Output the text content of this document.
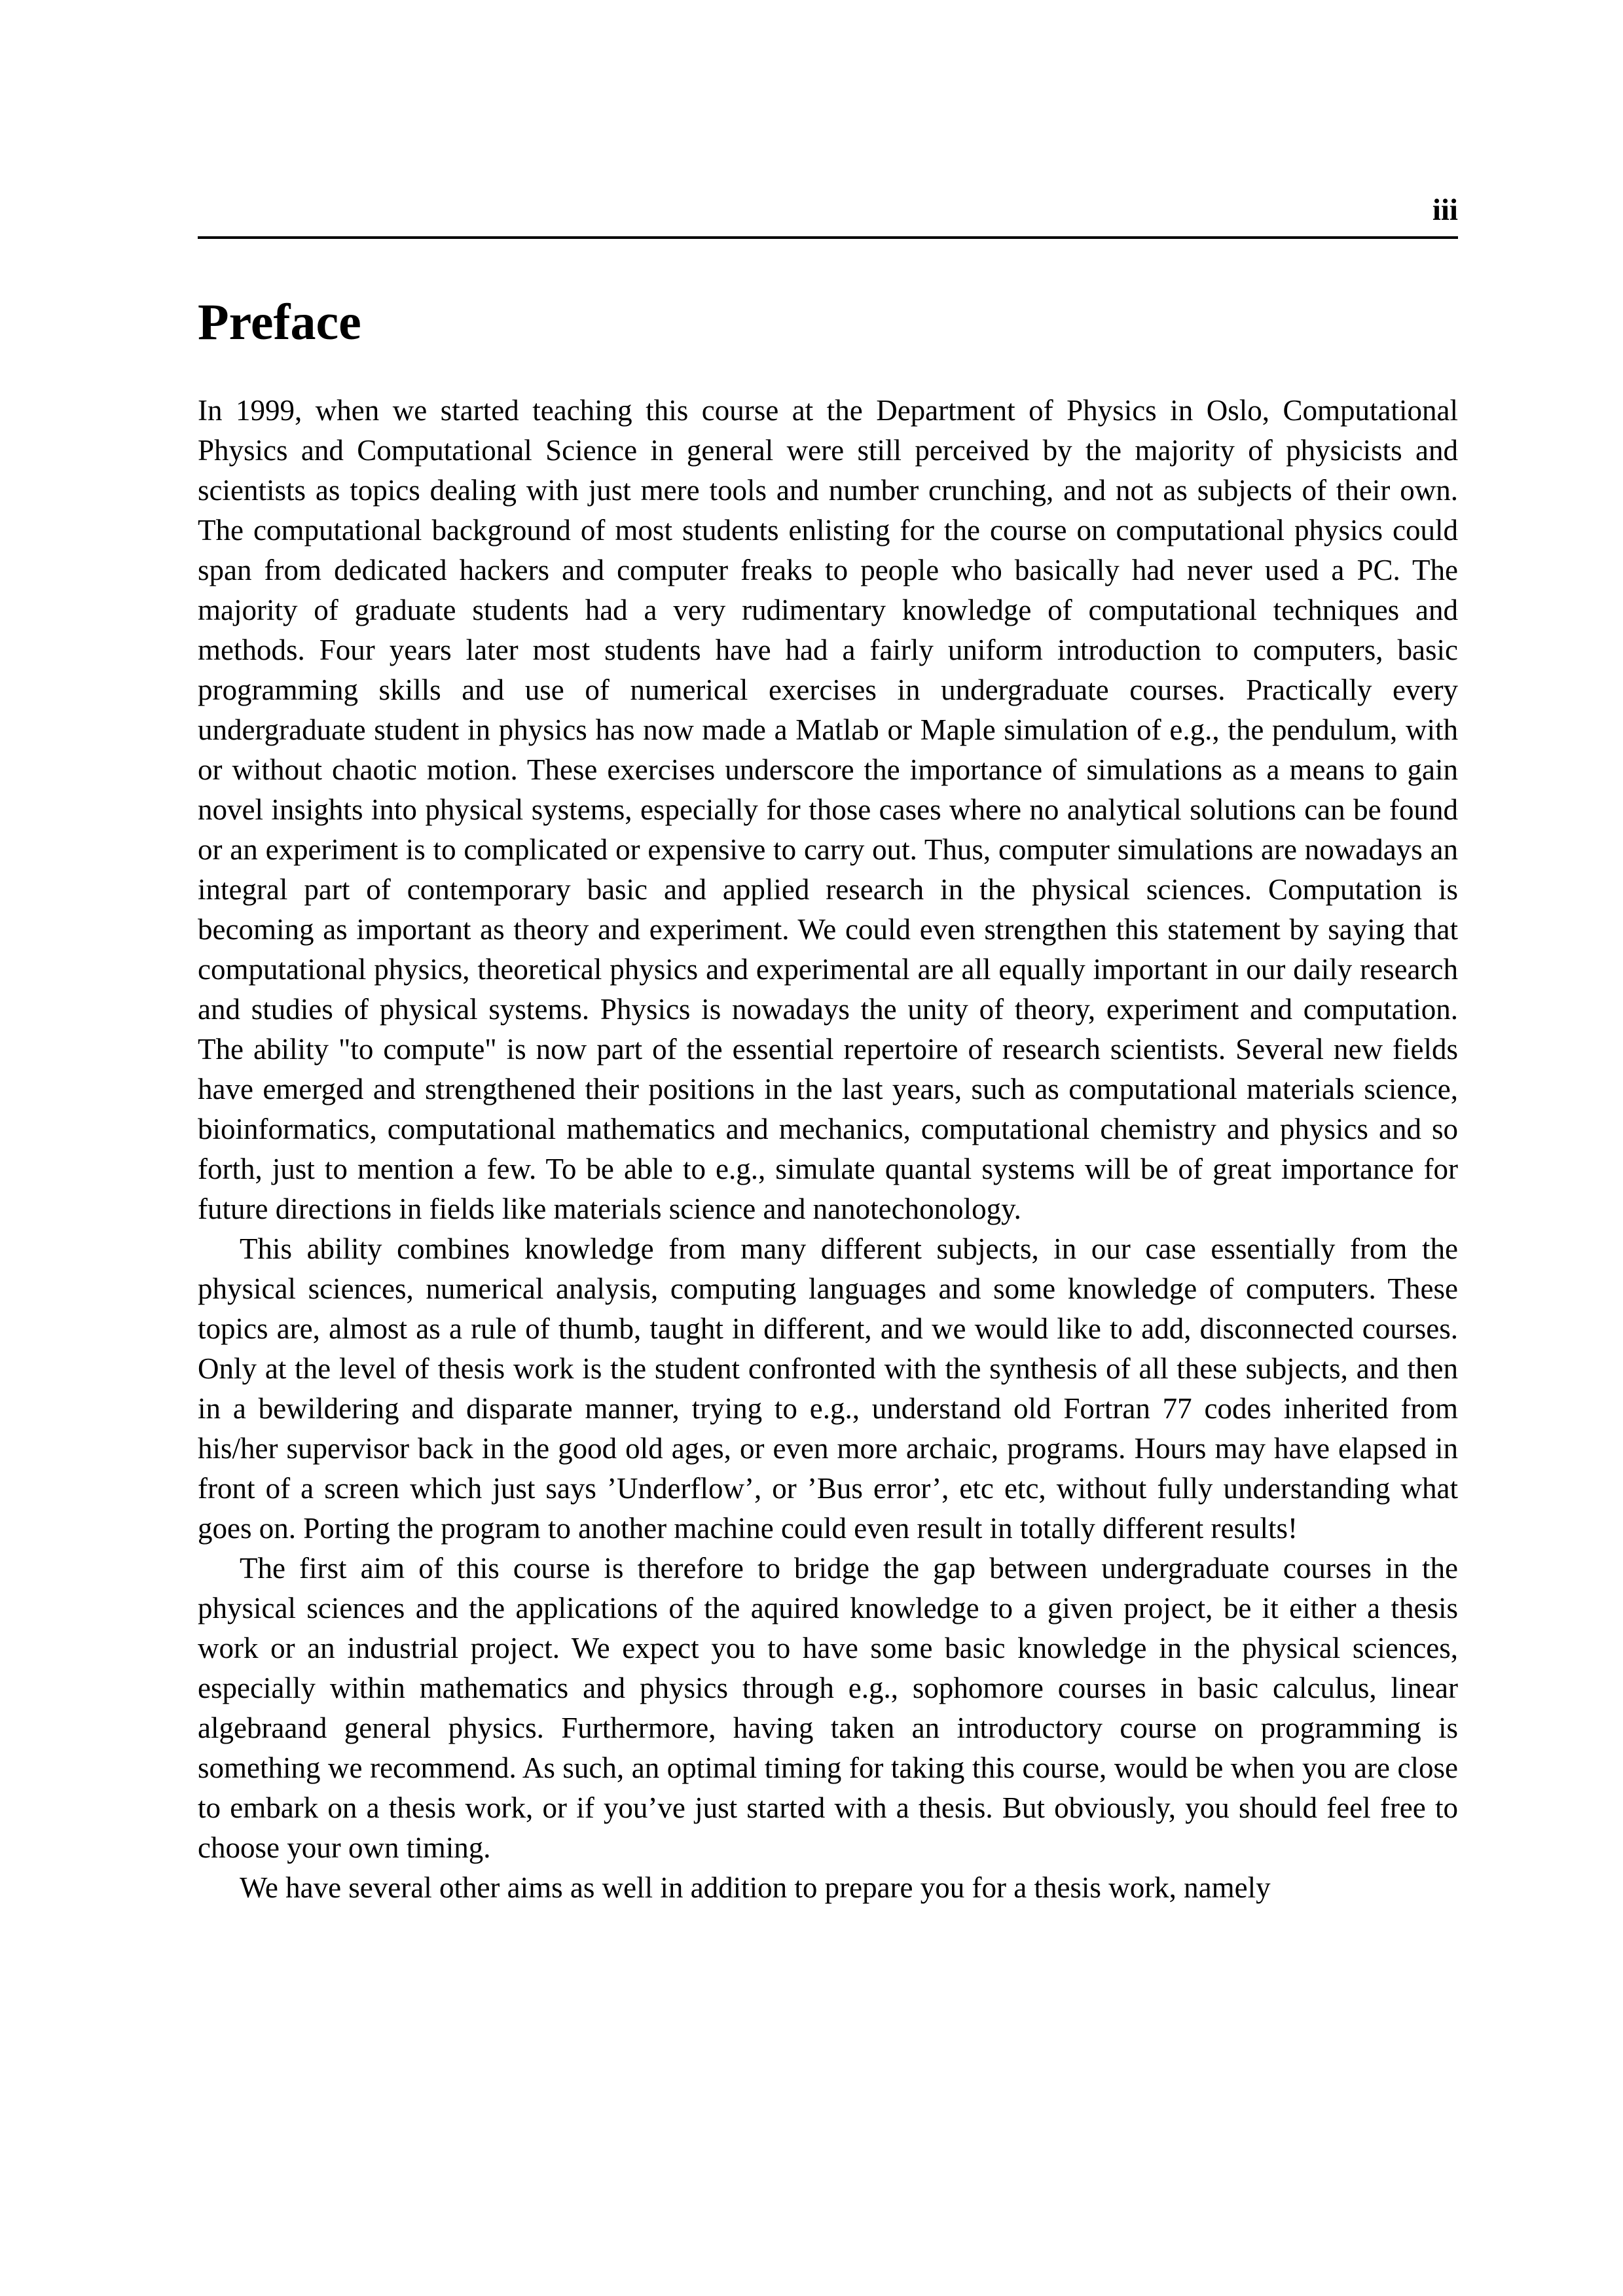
iii
Preface

In 1999, when we started teaching this course at the Department of Physics in Oslo, Computational Physics and Computational Science in general were still perceived by the majority of physicists and scientists as topics dealing with just mere tools and number crunching, and not as subjects of their own. The computational background of most students enlisting for the course on computational physics could span from dedicated hackers and computer freaks to people who basically had never used a PC. The majority of graduate students had a very rudimentary knowledge of computational techniques and methods. Four years later most students have had a fairly uniform introduction to computers, basic programming skills and use of numerical exercises in undergraduate courses. Practically every undergraduate student in physics has now made a Matlab or Maple simulation of e.g., the pendulum, with or without chaotic motion. These exercises underscore the importance of simulations as a means to gain novel insights into physical systems, especially for those cases where no analytical solutions can be found or an experiment is to complicated or expensive to carry out. Thus, computer simulations are nowadays an integral part of contemporary basic and applied research in the physical sciences. Computation is becoming as important as theory and experiment. We could even strengthen this statement by saying that computational physics, theoretical physics and experimental are all equally important in our daily research and studies of physical systems. Physics is nowadays the unity of theory, experiment and computation. The ability "to compute" is now part of the essential repertoire of research scientists. Several new fields have emerged and strengthened their positions in the last years, such as computational materials science, bioinformatics, computational mathematics and mechanics, computational chemistry and physics and so forth, just to mention a few. To be able to e.g., simulate quantal systems will be of great importance for future directions in fields like materials science and nanotechonology.

This ability combines knowledge from many different subjects, in our case essentially from the physical sciences, numerical analysis, computing languages and some knowledge of computers. These topics are, almost as a rule of thumb, taught in different, and we would like to add, disconnected courses. Only at the level of thesis work is the student confronted with the synthesis of all these subjects, and then in a bewildering and disparate manner, trying to e.g., understand old Fortran 77 codes inherited from his/her supervisor back in the good old ages, or even more archaic, programs. Hours may have elapsed in front of a screen which just says ’Underflow’, or ’Bus error’, etc etc, without fully understanding what goes on. Porting the program to another machine could even result in totally different results!

The first aim of this course is therefore to bridge the gap between undergraduate courses in the physical sciences and the applications of the aquired knowledge to a given project, be it either a thesis work or an industrial project. We expect you to have some basic knowledge in the physical sciences, especially within mathematics and physics through e.g., sophomore courses in basic calculus, linear algebraand general physics. Furthermore, having taken an introductory course on programming is something we recommend. As such, an optimal timing for taking this course, would be when you are close to embark on a thesis work, or if you’ve just started with a thesis. But obviously, you should feel free to choose your own timing.

We have several other aims as well in addition to prepare you for a thesis work, namely
